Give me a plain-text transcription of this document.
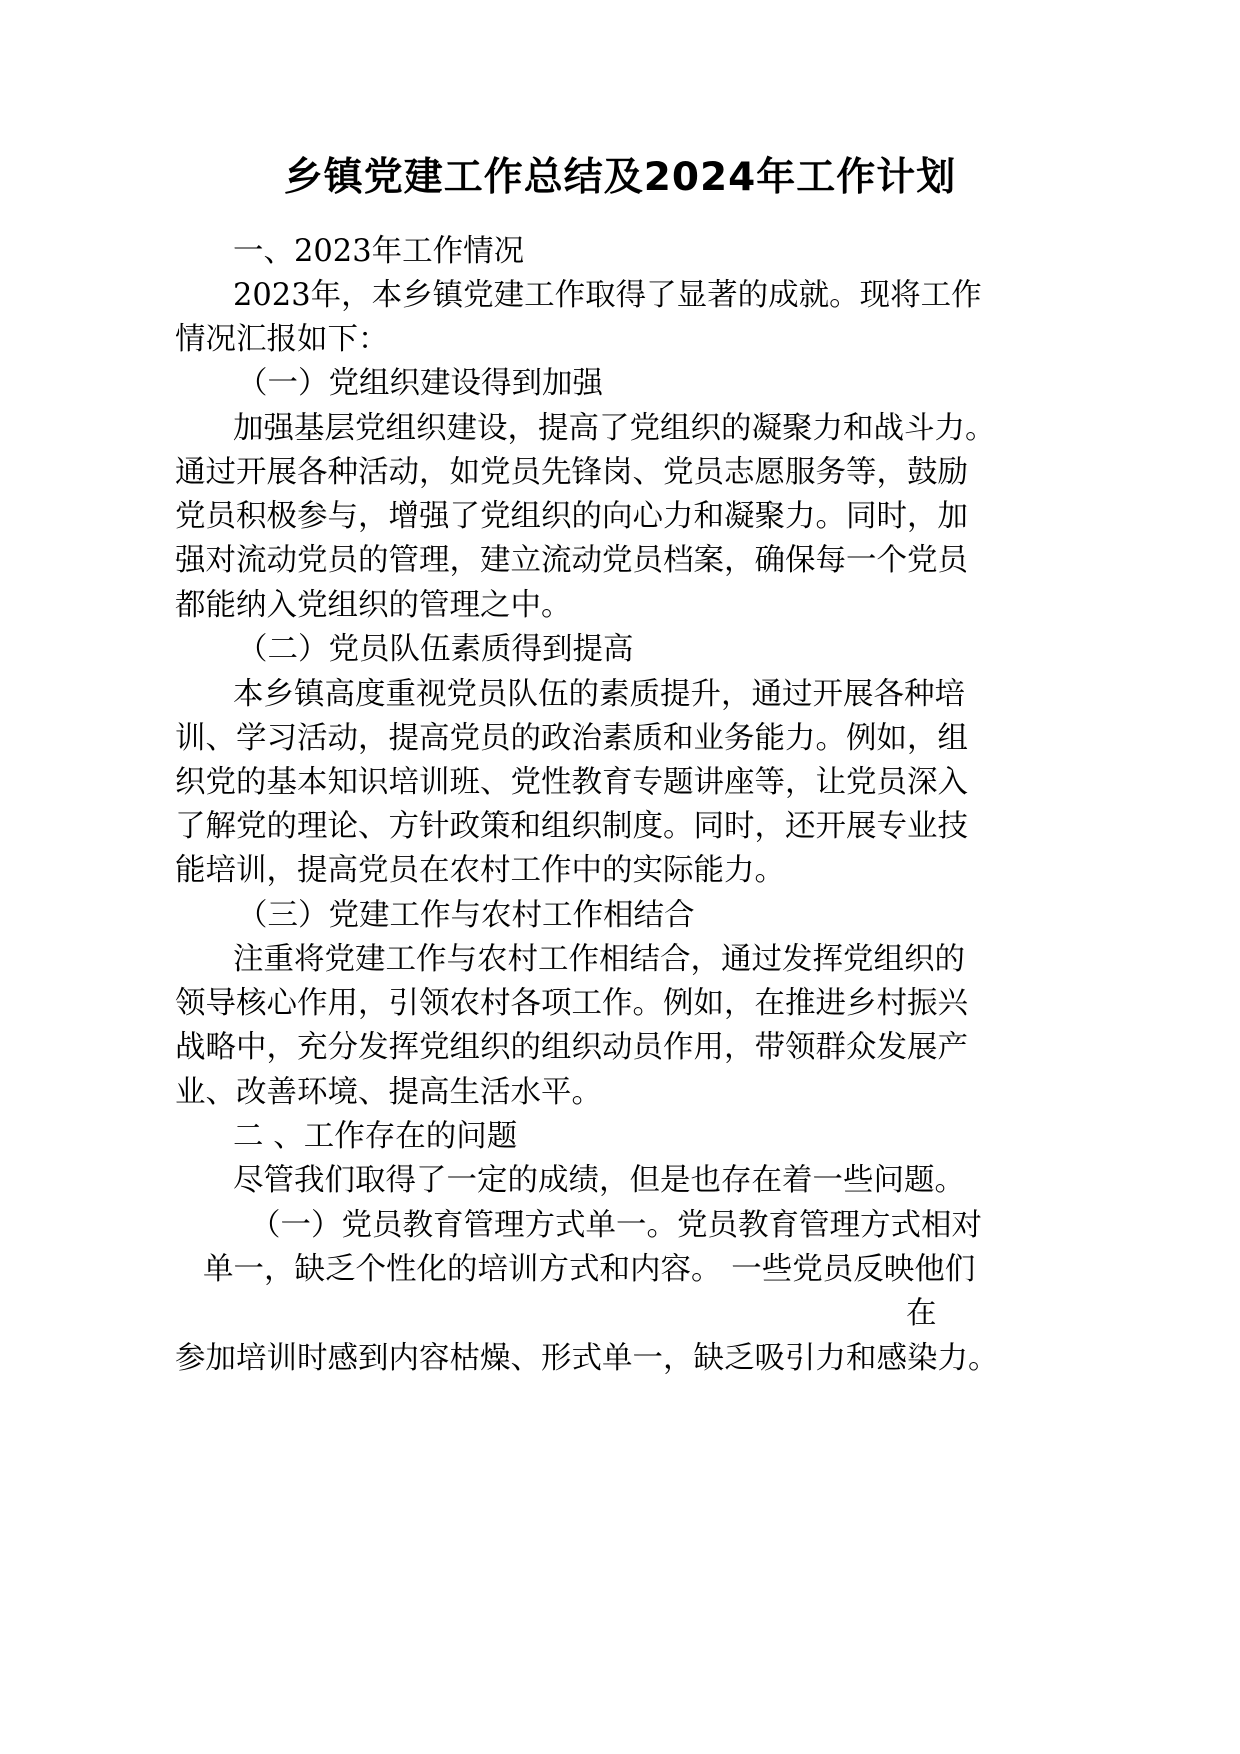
乡镇党建工作总结及2024年工作计划
一、2023年工作情况
2023年，本乡镇党建工作取得了显著的成就。现将工作
情况汇报如下：
（一）党组织建设得到加强
加强基层党组织建设，提高了党组织的凝聚力和战斗力。
通过开展各种活动，如党员先锋岗、党员志愿服务等，鼓励
党员积极参与，增强了党组织的向心力和凝聚力。同时，加
强对流动党员的管理，建立流动党员档案，确保每一个党员
都能纳入党组织的管理之中。
（二）党员队伍素质得到提高
本乡镇高度重视党员队伍的素质提升，通过开展各种培
训、学习活动，提高党员的政治素质和业务能力。例如，组
织党的基本知识培训班、党性教育专题讲座等，让党员深入
了解党的理论、方针政策和组织制度。同时，还开展专业技
能培训，提高党员在农村工作中的实际能力。
（三）党建工作与农村工作相结合
注重将党建工作与农村工作相结合，通过发挥党组织的
领导核心作用，引领农村各项工作。例如，在推进乡村振兴
战略中，充分发挥党组织的组织动员作用，带领群众发展产
业、改善环境、提高生活水平。
二 、工作存在的问题
尽管我们取得了一定的成绩，但是也存在着一些问题。
（一）党员教育管理方式单一。党员教育管理方式相对
单一，缺乏个性化的培训方式和内容。 一些党员反映他们
在
参加培训时感到内容枯燥、形式单一，缺乏吸引力和感染力。
